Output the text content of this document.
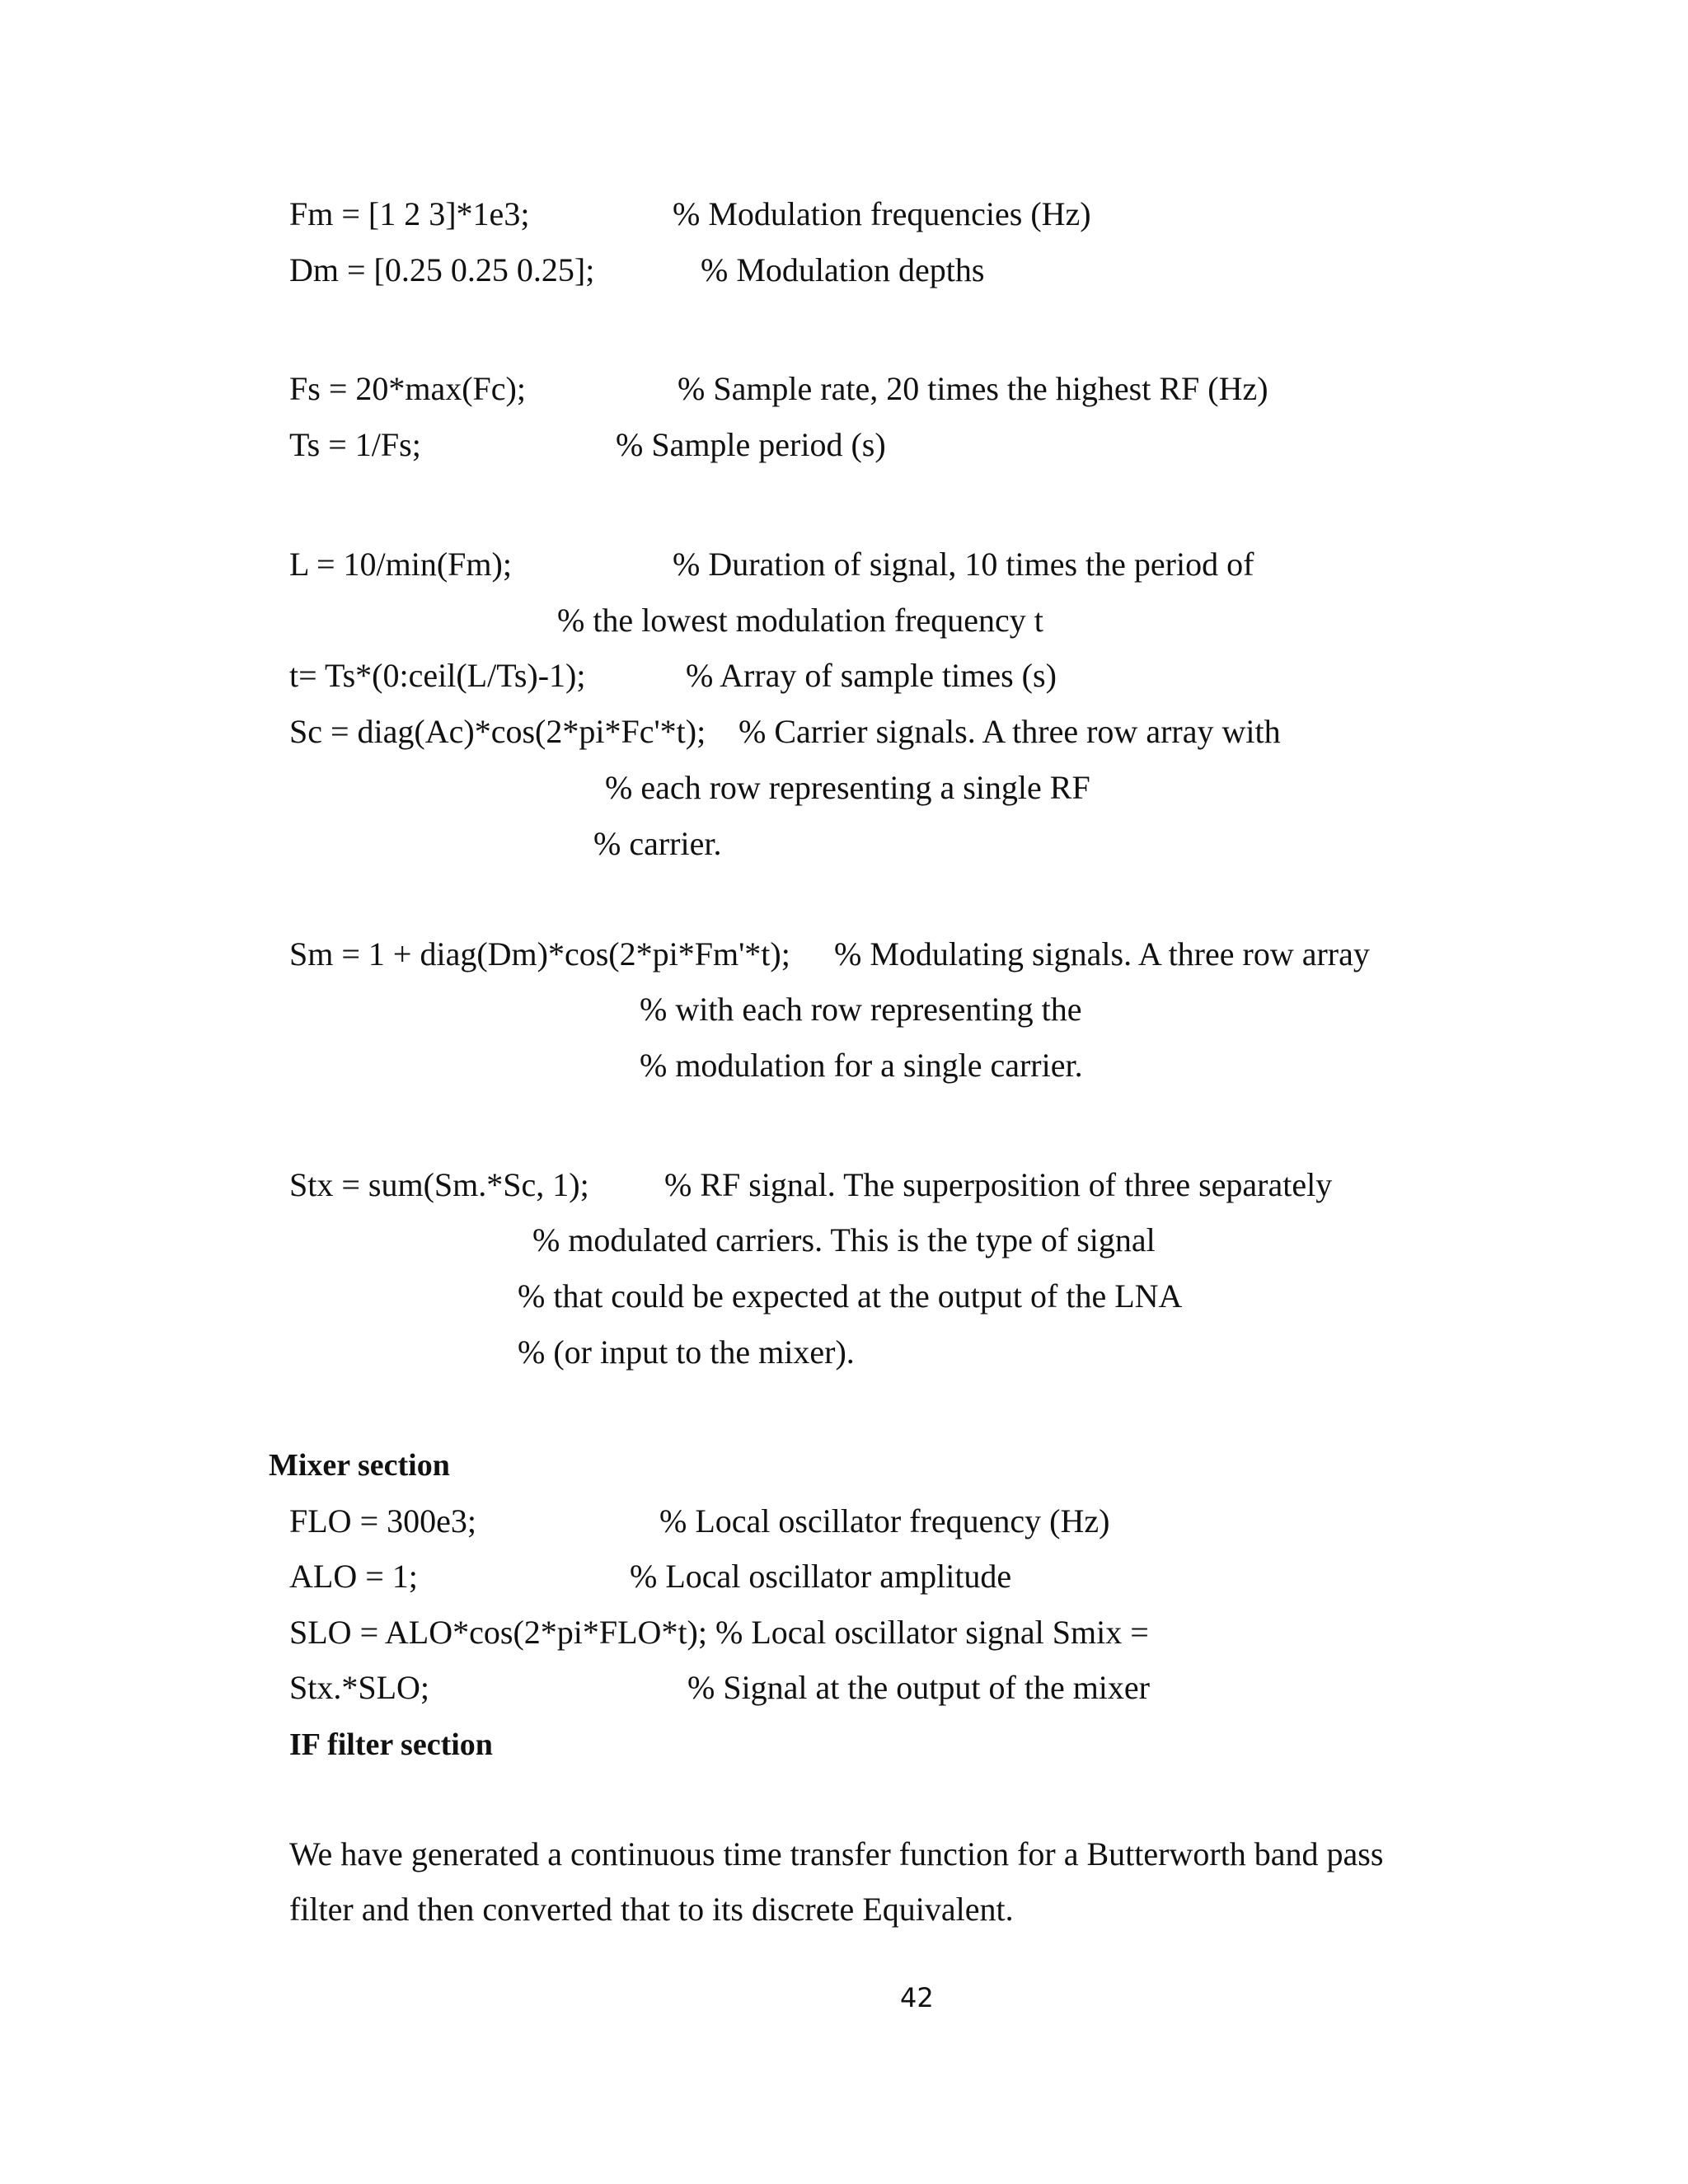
Fm = [1 2 3]*1e3;	% Modulation frequencies (Hz)
Dm = [0.25 0.25 0.25];	% Modulation depths
Fs = 20*max(Fc);	% Sample rate, 20 times the highest RF (Hz)
Ts = 1/Fs;	% Sample period (s)
L = 10/min(Fm);	% Duration of signal, 10 times the period of
% the lowest modulation frequency t
t= Ts*(0:ceil(L/Ts)-1);	% Array of sample times (s)
Sc = diag(Ac)*cos(2*pi*Fc'*t); % Carrier signals. A three row array with
% each row representing a single RF
% carrier.
Sm = 1 + diag(Dm)*cos(2*pi*Fm'*t); % Modulating signals. A three row array
% with each row representing the
% modulation for a single carrier.
Stx = sum(Sm.*Sc, 1); % RF signal. The superposition of three separately
% modulated carriers. This is the type of signal
% that could be expected at the output of the LNA
% (or input to the mixer).
Mixer section
FLO = 300e3;	% Local oscillator frequency (Hz)
ALO = 1;	% Local oscillator amplitude
SLO = ALO*cos(2*pi*FLO*t); % Local oscillator signal Smix =
Stx.*SLO;	% Signal at the output of the mixer
IF filter section
We have generated a continuous time transfer function for a Butterworth band pass
filter and then converted that to its discrete Equivalent.
42
